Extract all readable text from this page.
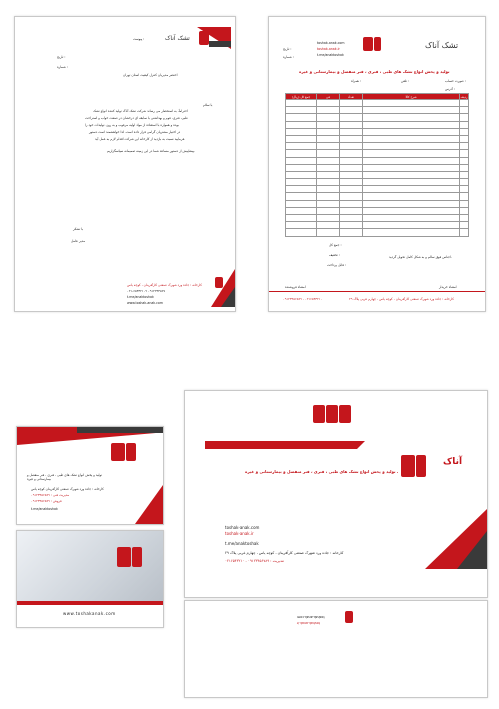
تشک آناک
پیوست :
تاریخ :
شماره :
احتضر مدیریان کنترل کیفیت استان تهران
با سلام
احتراماً، به استحضار می رساند شرکت تشک آناک تولید کننده انواع تشک
طبی، فنری، فوم و بهداشتی با سابقه ای درخشان در صنعت خواب و استراحت
بوده و همواره با استفاده از مواد اولیه مرغوب و به روز، تولیدات خود را
در اختیار مشتریان گرامی قرار داده است. لذا خواهشمند است دستور
فرمایید نسبت به بازدید از کارخانه این شرکت اقدام لازم به عمل آید.
پیشاپیش از دستور مساعد شما در این زمینه صمیمانه سپاسگزاریم.
با تشکر
مدیر عامل
کارخانه : جاده ورد شهرک صنعتی کارآفرینان ، کوچه یاس
۰۲۱-۶۵۴۳۲۱۰۹ ۰۹۱۲۲۳۴۵۶۷
t.me/anaktoshak
www.toshak-anak.com
تشک آناک
toshak-anak.com
toshak-anak.ir
t.me/anaktoshak
تاریخ :
شماره :
تولید و پخش انواع تشک های طبی ، فنری ، فنر منفصل و بیمارستانی و غیره
صورت حساب :
همراه :	تلفن :
آدرس :
جمع کل (ریال)	فی	تعداد	شرح کالا	ردیف

جمع کل :
تخفیف :
قابل پرداخت :
اجناس فوق سالم و به شکل کامل تحویل گردید.
امضاء خریدار
امضاء فروشنده
کارخانه : جاده ورد شهرک صنعتی کارآفرینان ، کوچه یاس ، چهارم غربی پلاک ۲۹
۰۹۱۲۳۴۵۶۷۸۹ - ۰۲۱۶۵۴۳۲۱۰
تولید و پخش انواع تشک های طبی ، فنری ، فنر منفصل و بیمارستانی و غیره
کارخانه : جاده ورد شهرک صنعتی کارآفرینان کوچه یاس
۰۹۱۲۳۴۵۶۷۸۹ : مدیریت فنی
۰۹۱۲۳۴۵۶۷۸۹ : فروش
t.me/anaktoshak
www.toshakanak.com
آناک
تولید و پخش انواع تشک های طبی ، فنری ، فنر منفصل و بیمارستانی و غیره .
toshak-anak.com
toshak-anak.ir
t.me/anaktoshak
کارخانه : جاده ورد شهرک صنعتی کارآفرینان ، کوچه یاس ، چهارم غربی پلاک ۲۹
مدیریت : ۰۹۱۲۳۴۵۶۷۸۹ - ۰۲۱۶۵۴۳۲۱۰
toshak-anak.com
toshak-anak.ir
